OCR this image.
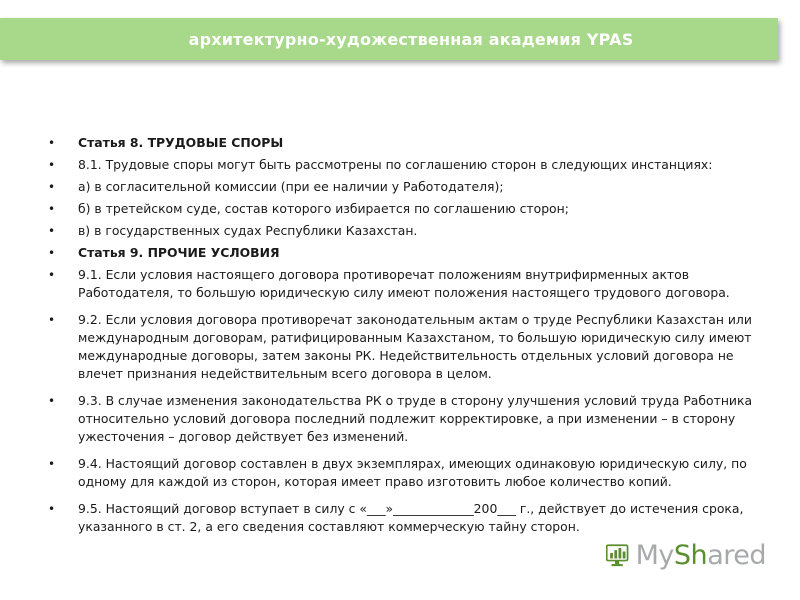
архитектурно-художественная академия YPAS
• Статья 8. ТРУДОВЫЕ СПОРЫ
• 8.1. Трудовые споры могут быть рассмотрены по соглашению сторон в следующих инстанциях:
• а) в согласительной комиссии (при ее наличии у Работодателя);
• б) в третейском суде, состав которого избирается по соглашению сторон;
• в) в государственных судах Республики Казахстан.
• Статья 9. ПРОЧИЕ УСЛОВИЯ
• 9.1. Если условия настоящего договора противоречат положениям внутрифирменных актов Работодателя, то большую юридическую силу имеют положения настоящего трудового договора.
• 9.2. Если условия договора противоречат законодательным актам о труде Республики Казахстан или международным договорам, ратифицированным Казахстаном, то большую юридическую силу имеют международные договоры, затем законы РК. Недействительность отдельных условий договора не влечет признания недействительным всего договора в целом.
• 9.3. В случае изменения законодательства РК о труде в сторону улучшения условий труда Работника относительно условий договора последний подлежит корректировке, а при изменении – в сторону ужесточения – договор действует без изменений.
• 9.4. Настоящий договор составлен в двух экземплярах, имеющих одинаковую юридическую силу, по одному для каждой из сторон, которая имеет право изготовить любое количество копий.
• 9.5. Настоящий договор вступает в силу с «___»_____________200___ г., действует до истечения срока, указанного в ст. 2, а его сведения составляют коммерческую тайну сторон.
MyShared
